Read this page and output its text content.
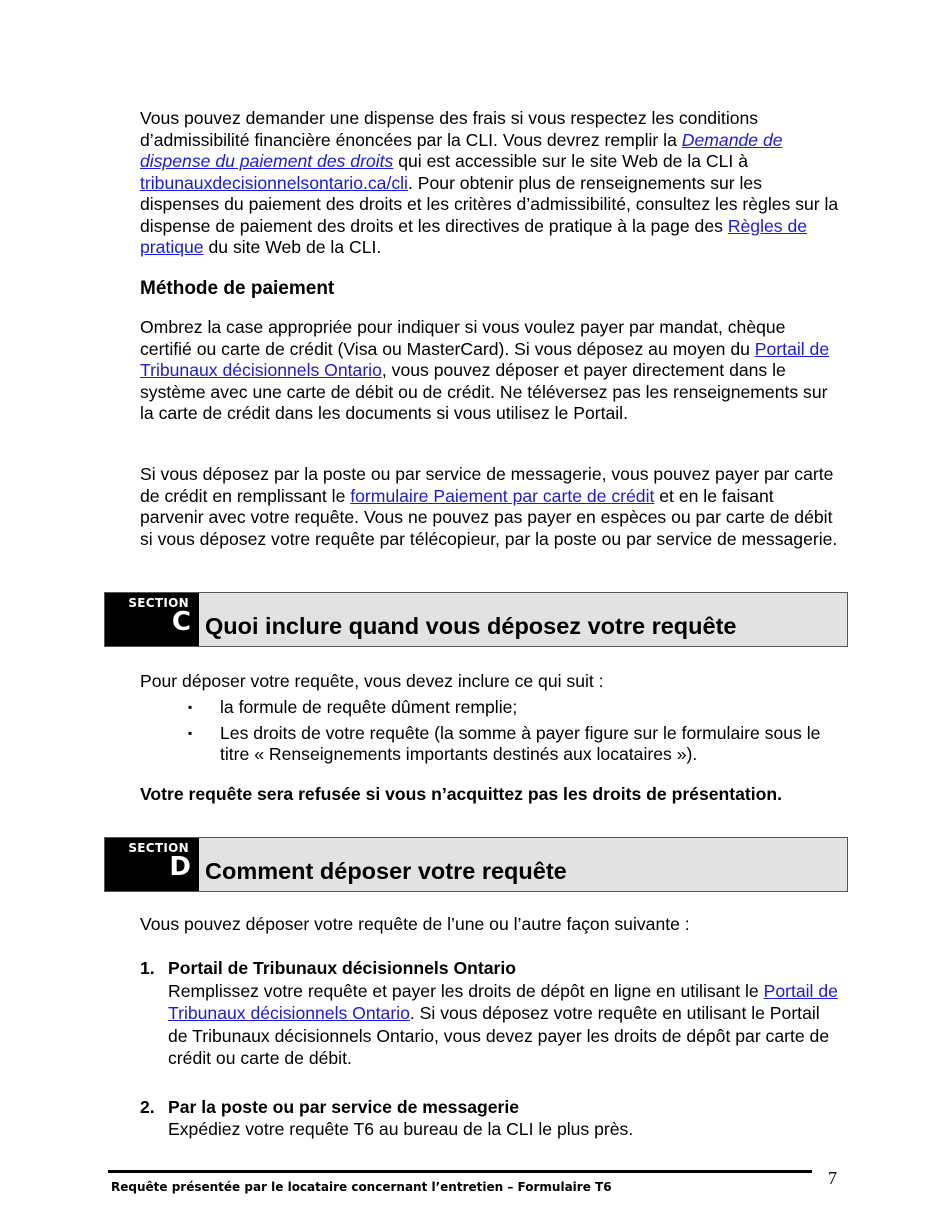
Vous pouvez demander une dispense des frais si vous respectez les conditions d’admissibilité financière énoncées par la CLI. Vous devrez remplir la Demande de dispense du paiement des droits qui est accessible sur le site Web de la CLI à tribunauxdecisionnelsontario.ca/cli. Pour obtenir plus de renseignements sur les dispenses du paiement des droits et les critères d’admissibilité, consultez les règles sur la dispense de paiement des droits et les directives de pratique à la page des Règles de pratique du site Web de la CLI.

Méthode de paiement

Ombrez la case appropriée pour indiquer si vous voulez payer par mandat, chèque certifié ou carte de crédit (Visa ou MasterCard). Si vous déposez au moyen du Portail de Tribunaux décisionnels Ontario, vous pouvez déposer et payer directement dans le système avec une carte de débit ou de crédit. Ne téléversez pas les renseignements sur la carte de crédit dans les documents si vous utilisez le Portail.

Si vous déposez par la poste ou par service de messagerie, vous pouvez payer par carte de crédit en remplissant le formulaire Paiement par carte de crédit et en le faisant parvenir avec votre requête. Vous ne pouvez pas payer en espèces ou par carte de débit si vous déposez votre requête par télécopieur, par la poste ou par service de messagerie.

SECTION
C Quoi inclure quand vous déposez votre requête

Pour déposer votre requête, vous devez inclure ce qui suit :

▪ la formule de requête dûment remplie;
▪ Les droits de votre requête (la somme à payer figure sur le formulaire sous le titre « Renseignements importants destinés aux locataires »).

Votre requête sera refusée si vous n’acquittez pas les droits de présentation.

SECTION
D Comment déposer votre requête

Vous pouvez déposer votre requête de l’une ou l’autre façon suivante :

1. Portail de Tribunaux décisionnels Ontario
Remplissez votre requête et payer les droits de dépôt en ligne en utilisant le Portail de Tribunaux décisionnels Ontario. Si vous déposez votre requête en utilisant le Portail de Tribunaux décisionnels Ontario, vous devez payer les droits de dépôt par carte de crédit ou carte de débit.
2. Par la poste ou par service de messagerie
Expédiez votre requête T6 au bureau de la CLI le plus près.
Requête présentée par le locataire concernant l’entretien – Formulaire T6	7
